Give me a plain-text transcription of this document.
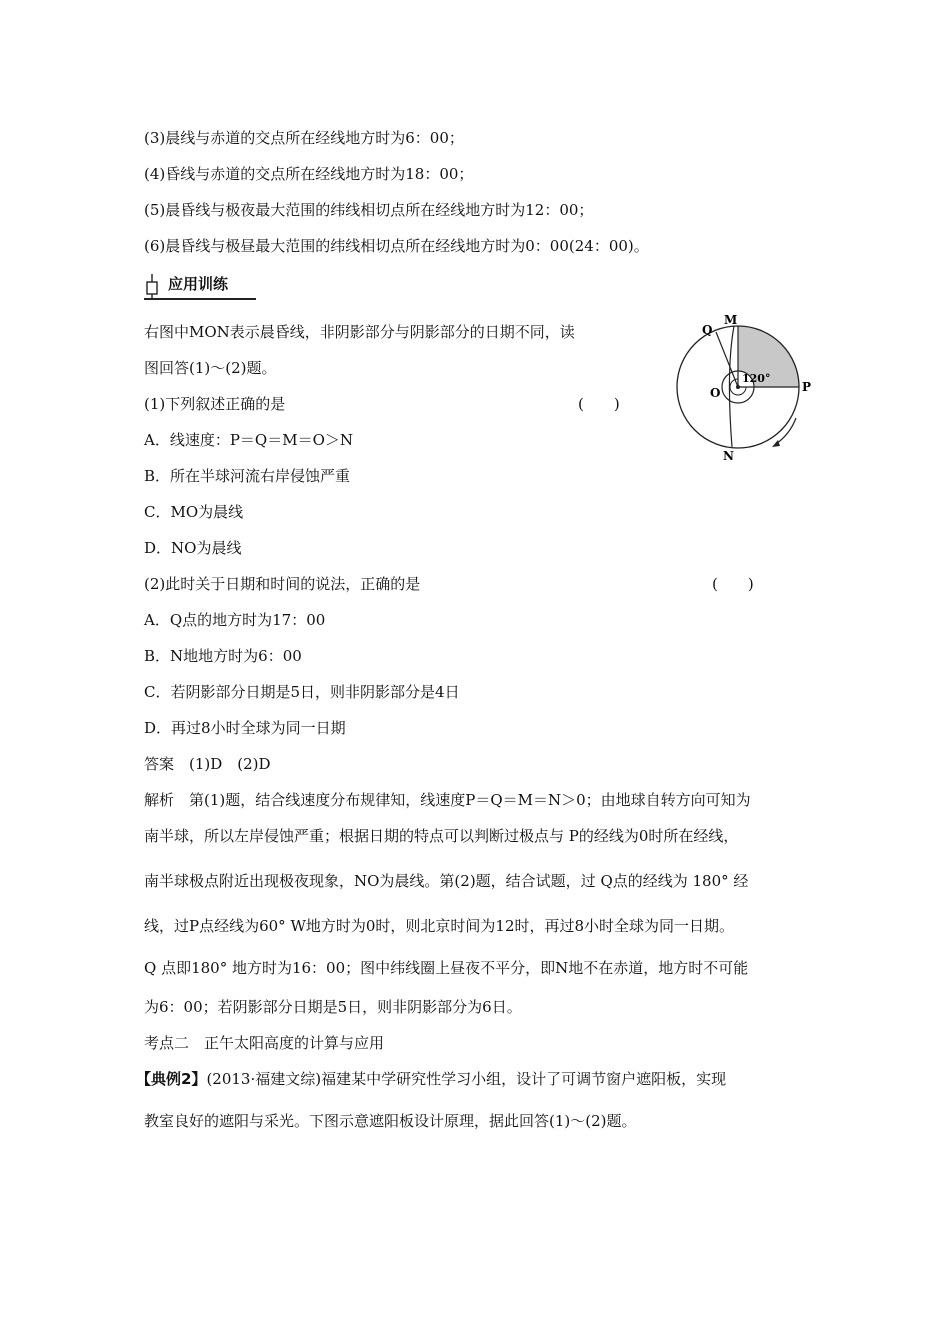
(3)晨线与赤道的交点所在经线地方时为6：00；
(4)昏线与赤道的交点所在经线地方时为18：00；
(5)晨昏线与极夜最大范围的纬线相切点所在经线地方时为12：00；
(6)晨昏线与极昼最大范围的纬线相切点所在经线地方时为0：00(24：00)。
应用训练
右图中MON表示晨昏线，非阴影部分与阴影部分的日期不同，读
图回答(1)～(2)题。
(1)下列叙述正确的是	(　　)
A．线速度：P＝Q＝M＝O＞N
B．所在半球河流右岸侵蚀严重
C．MO为晨线
D．NO为晨线
(2)此时关于日期和时间的说法，正确的是	(　　)
A．Q点的地方时为17：00
B．N地地方时为6：00
C．若阴影部分日期是5日，则非阴影部分是4日
D．再过8小时全球为同一日期
答案　(1)D　(2)D
解析　第(1)题，结合线速度分布规律知，线速度P＝Q＝M＝N＞0；由地球自转方向可知为
南半球，所以左岸侵蚀严重；根据日期的特点可以判断过极点与 P的经线为0时所在经线，
南半球极点附近出现极夜现象，NO为晨线。第(2)题，结合试题，过 Q点的经线为 180° 经
线，过P点经线为60° W地方时为0时，则北京时间为12时，再过8小时全球为同一日期。
Q 点即180° 地方时为16：00；图中纬线圈上昼夜不平分，即N地不在赤道，地方时不可能
为6：00；若阴影部分日期是5日，则非阴影部分为6日。
考点二　正午太阳高度的计算与应用
【典例2】(2013·福建文综)福建某中学研究性学习小组，设计了可调节窗户遮阳板，实现
教室良好的遮阳与采光。下图示意遮阳板设计原理，据此回答(1)～(2)题。
Q
M
O	P
N
120°
